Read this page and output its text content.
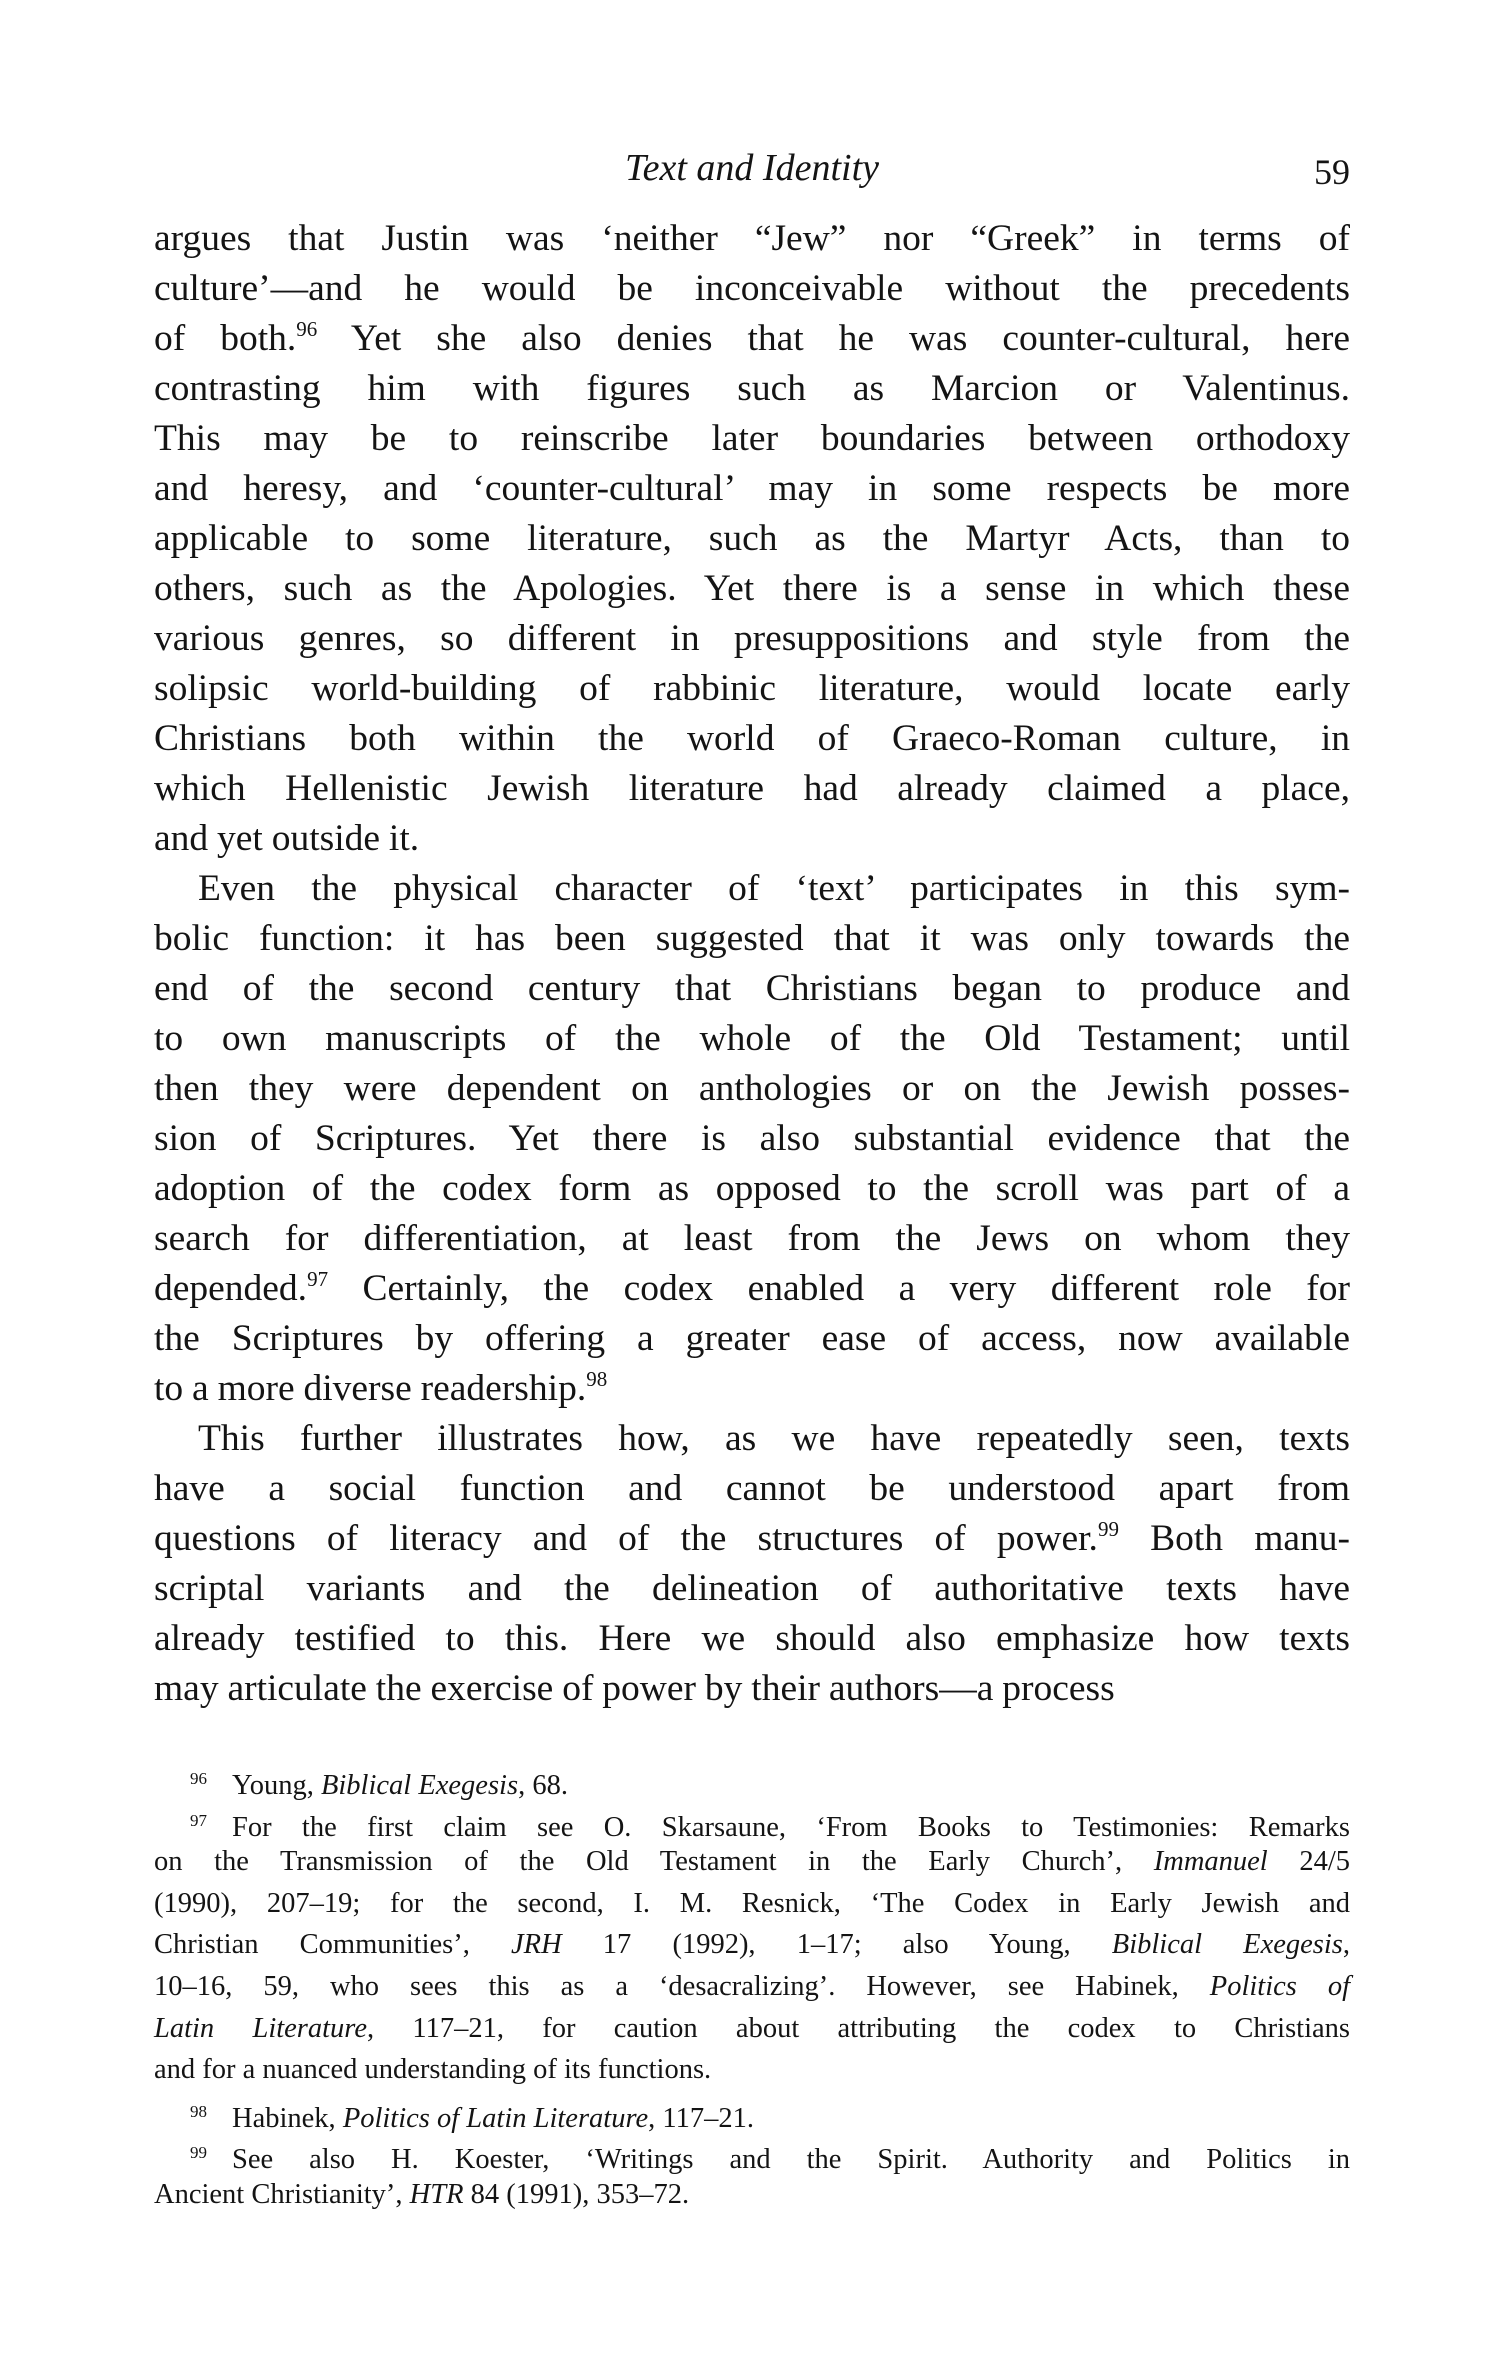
Text and Identity	59
argues that Justin was ‘neither “Jew” nor “Greek” in terms of
culture’—and he would be inconceivable without the precedents
of both.$^{96}$ Yet she also denies that he was counter-cultural, here
contrasting him with figures such as Marcion or Valentinus.
This may be to reinscribe later boundaries between orthodoxy
and heresy, and ‘counter-cultural’ may in some respects be more
applicable to some literature, such as the Martyr Acts, than to
others, such as the Apologies. Yet there is a sense in which these
various genres, so different in presuppositions and style from the
solipsic world-building of rabbinic literature, would locate early
Christians both within the world of Graeco-Roman culture, in
which Hellenistic Jewish literature had already claimed a place,
and yet outside it.
Even the physical character of ‘text’ participates in this sym-
bolic function: it has been suggested that it was only towards the
end of the second century that Christians began to produce and
to own manuscripts of the whole of the Old Testament; until
then they were dependent on anthologies or on the Jewish posses-
sion of Scriptures. Yet there is also substantial evidence that the
adoption of the codex form as opposed to the scroll was part of a
search for differentiation, at least from the Jews on whom they
depended.$^{97}$ Certainly, the codex enabled a very different role for
the Scriptures by offering a greater ease of access, now available
to a more diverse readership.$^{98}$
This further illustrates how, as we have repeatedly seen, texts
have a social function and cannot be understood apart from
questions of literacy and of the structures of power.$^{99}$ Both manu-
scriptal variants and the delineation of authoritative texts have
already testified to this. Here we should also emphasize how texts
may articulate the exercise of power by their authors—a process
96 Young, Biblical Exegesis, 68.
97 For the first claim see O. Skarsaune, ‘From Books to Testimonies: Remarks
on the Transmission of the Old Testament in the Early Church’, Immanuel 24/5
(1990), 207–19; for the second, I. M. Resnick, ‘The Codex in Early Jewish and
Christian Communities’, JRH 17 (1992), 1–17; also Young, Biblical Exegesis,
10–16, 59, who sees this as a ‘desacralizing’. However, see Habinek, Politics of
Latin Literature, 117–21, for caution about attributing the codex to Christians
and for a nuanced understanding of its functions.
98 Habinek, Politics of Latin Literature, 117–21.
99 See also H. Koester, ‘Writings and the Spirit. Authority and Politics in
Ancient Christianity’, HTR 84 (1991), 353–72.
